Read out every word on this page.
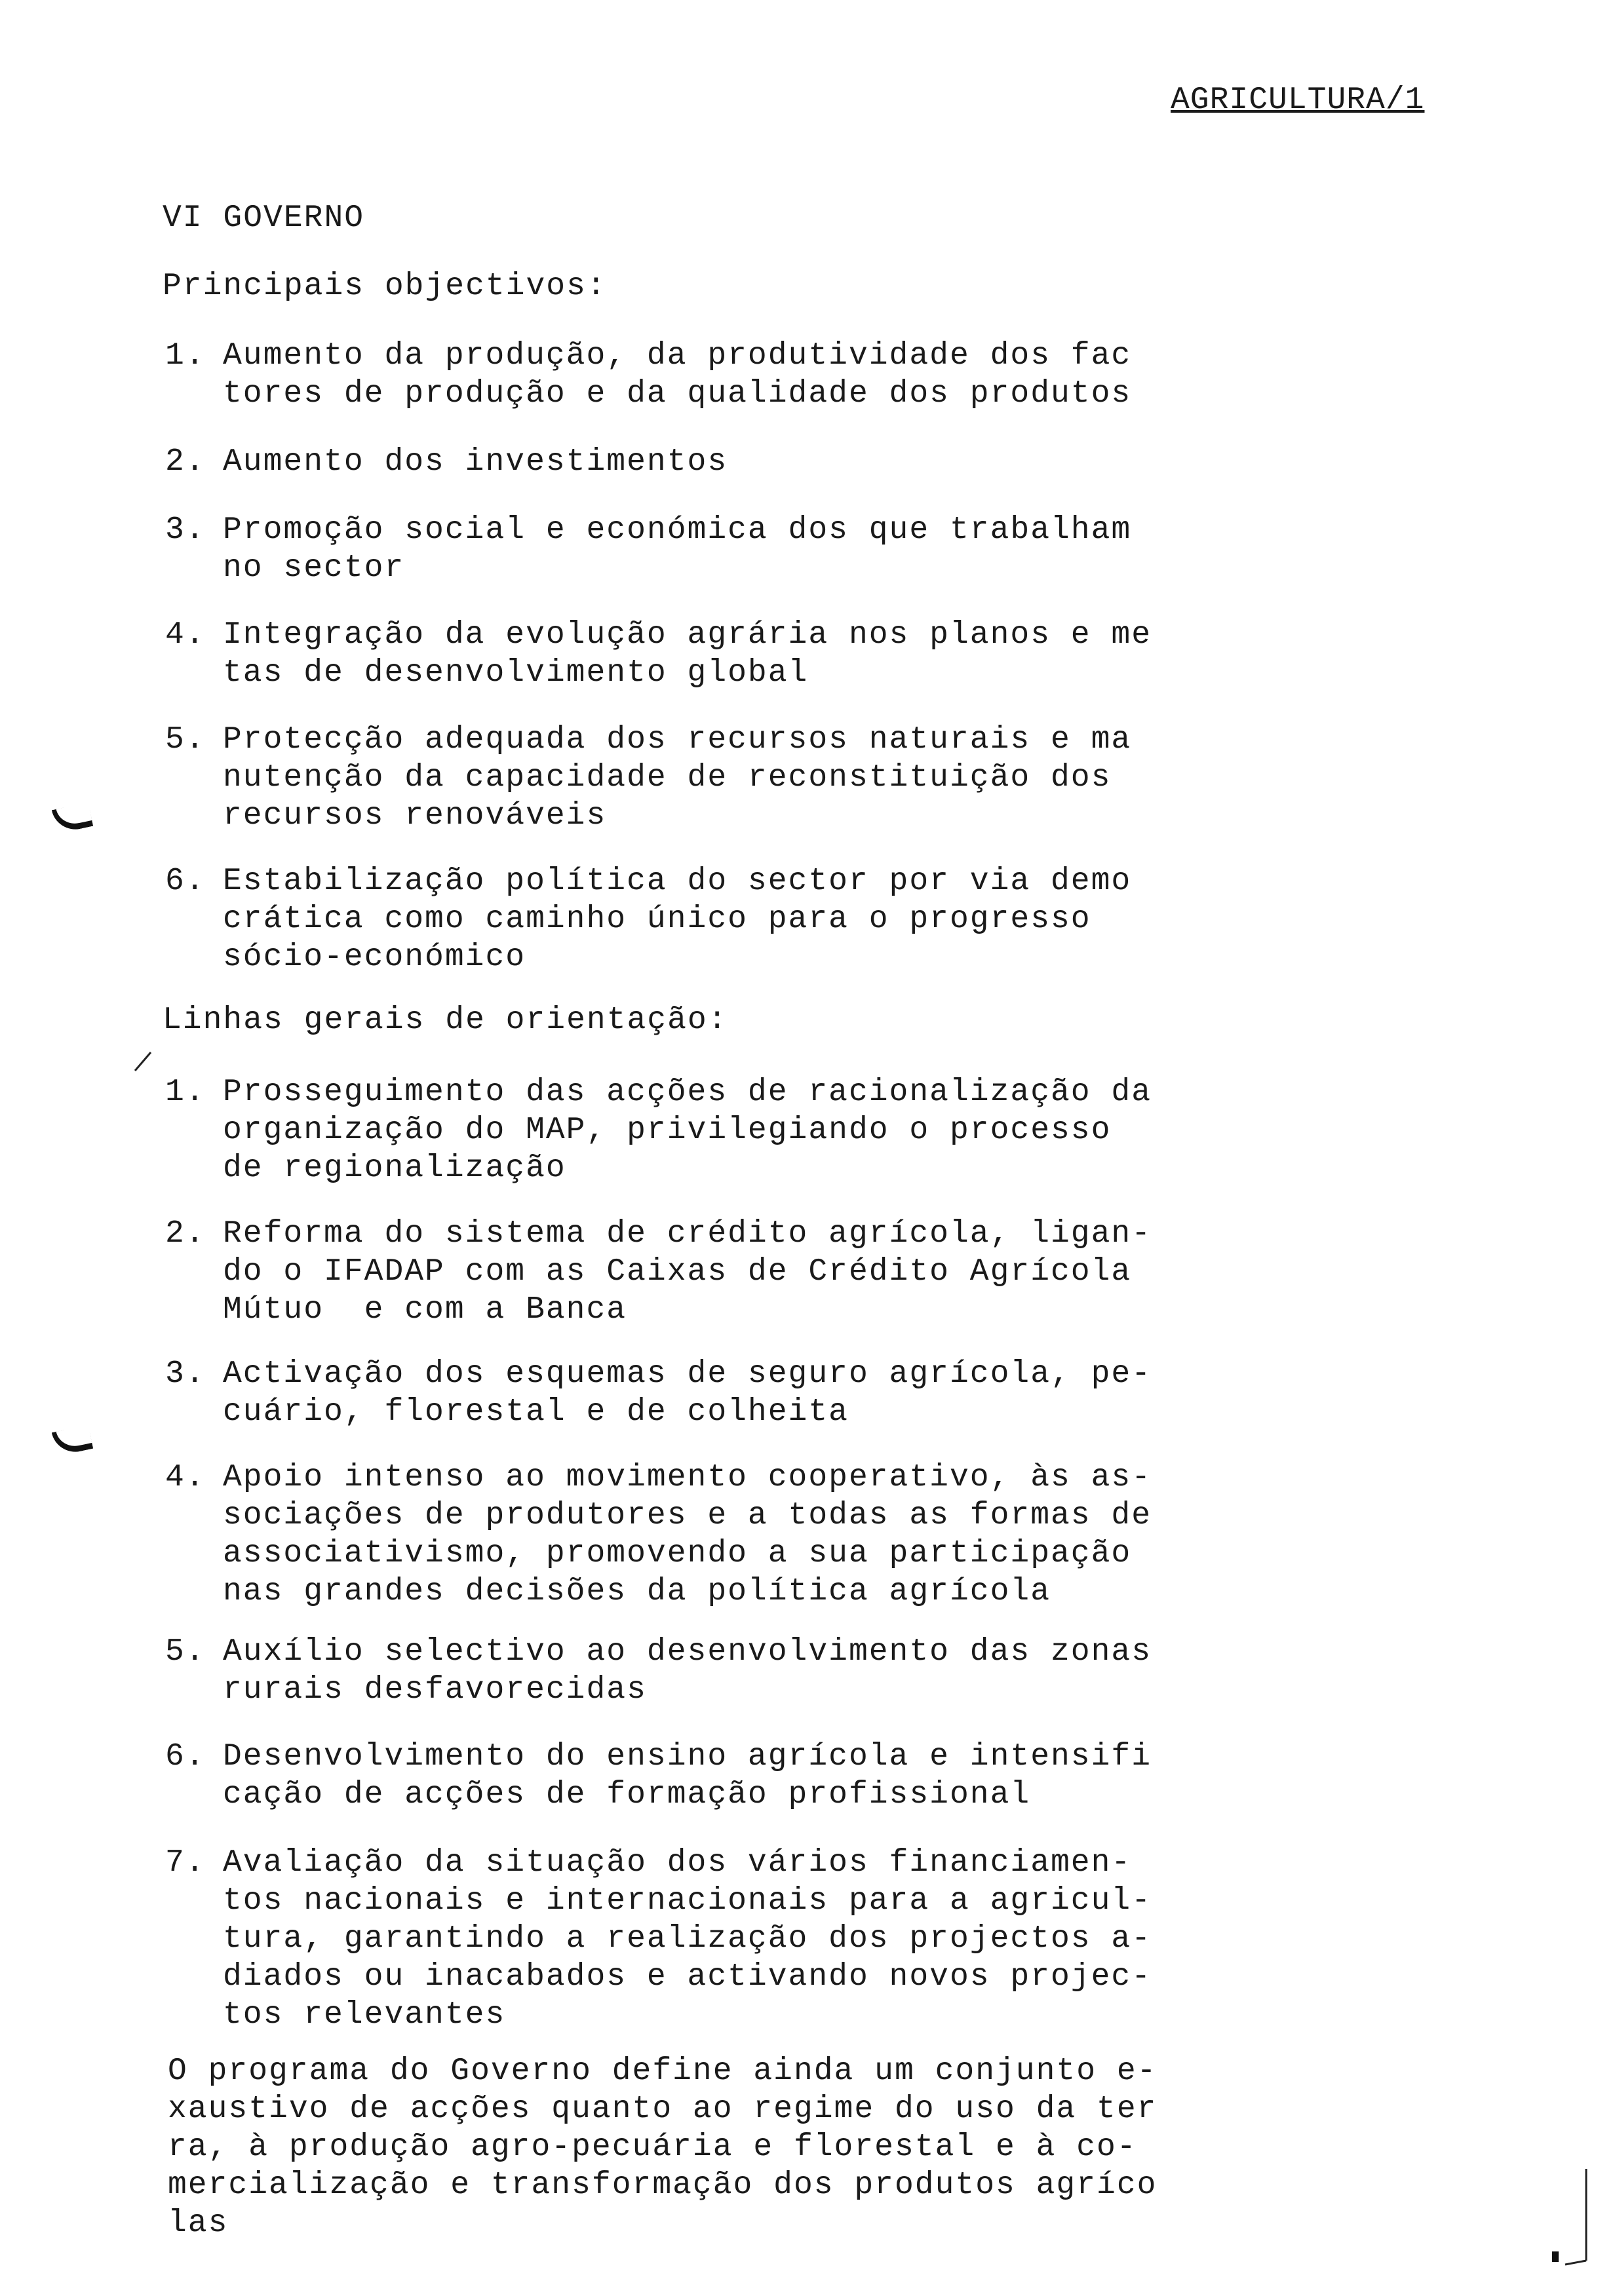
AGRICULTURA/1
VI GOVERNO
Principais objectivos:
1. Aumento da produção, da produtividade dos fac
tores de produção e da qualidade dos produtos
2. Aumento dos investimentos
3. Promoção social e económica dos que trabalham
no sector
4. Integração da evolução agrária nos planos e me
tas de desenvolvimento global
5. Protecção adequada dos recursos naturais e ma
nutenção da capacidade de reconstituição dos
recursos renováveis
6. Estabilização política do sector por via demo
crática como caminho único para o progresso
sócio-económico
Linhas gerais de orientação:
1. Prosseguimento das acções de racionalização da
organização do MAP, privilegiando o processo
de regionalização
2. Reforma do sistema de crédito agrícola, ligan-
do o IFADAP com as Caixas de Crédito Agrícola
Mútuo  e com a Banca
3. Activação dos esquemas de seguro agrícola, pe-
cuário, florestal e de colheita
4. Apoio intenso ao movimento cooperativo, às as-
sociações de produtores e a todas as formas de
associativismo, promovendo a sua participação
nas grandes decisões da política agrícola
5. Auxílio selectivo ao desenvolvimento das zonas
rurais desfavorecidas
6. Desenvolvimento do ensino agrícola e intensifi
cação de acções de formação profissional
7. Avaliação da situação dos vários financiamen-
tos nacionais e internacionais para a agricul-
tura, garantindo a realização dos projectos a-
diados ou inacabados e activando novos projec-
tos relevantes
O programa do Governo define ainda um conjunto e-
xaustivo de acções quanto ao regime do uso da ter
ra, à produção agro-pecuária e florestal e à co-
mercialização e transformação dos produtos agríco
las
